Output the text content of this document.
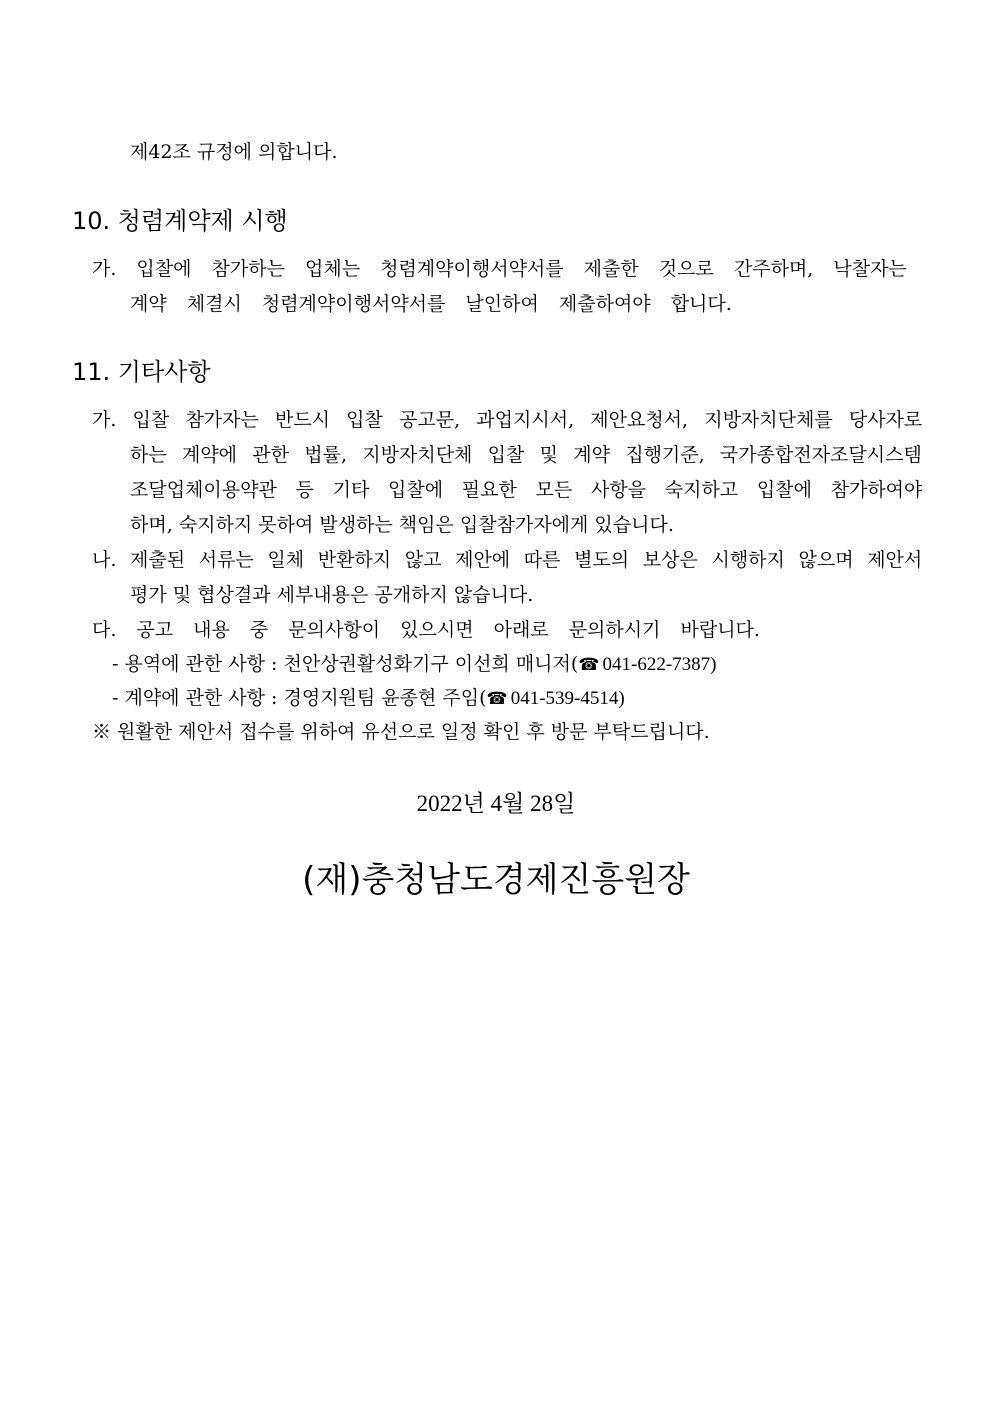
제42조 규정에 의합니다.
10. 청렴계약제 시행
가. 입찰에 참가하는 업체는 청렴계약이행서약서를 제출한 것으로 간주하며, 낙찰자는
계약 체결시 청렴계약이행서약서를 날인하여 제출하여야 합니다.
11. 기타사항
가. 입찰 참가자는 반드시 입찰 공고문, 과업지시서, 제안요청서, 지방자치단체를 당사자로
하는 계약에 관한 법률, 지방자치단체 입찰 및 계약 집행기준, 국가종합전자조달시스템
조달업체이용약관 등 기타 입찰에 필요한 모든 사항을 숙지하고 입찰에 참가하여야
하며, 숙지하지 못하여 발생하는 책임은 입찰참가자에게 있습니다.
나. 제출된 서류는 일체 반환하지 않고 제안에 따른 별도의 보상은 시행하지 않으며 제안서
평가 및 협상결과 세부내용은 공개하지 않습니다.
다. 공고 내용 중 문의사항이 있으시면 아래로 문의하시기 바랍니다.
- 용역에 관한 사항 : 천안상권활성화기구 이선희 매니저(☎ 041-622-7387)
- 계약에 관한 사항 : 경영지원팀 윤종현 주임(☎ 041-539-4514)
※ 원활한 제안서 접수를 위하여 유선으로 일정 확인 후 방문 부탁드립니다.
2022년 4월 28일
(재)충청남도경제진흥원장
